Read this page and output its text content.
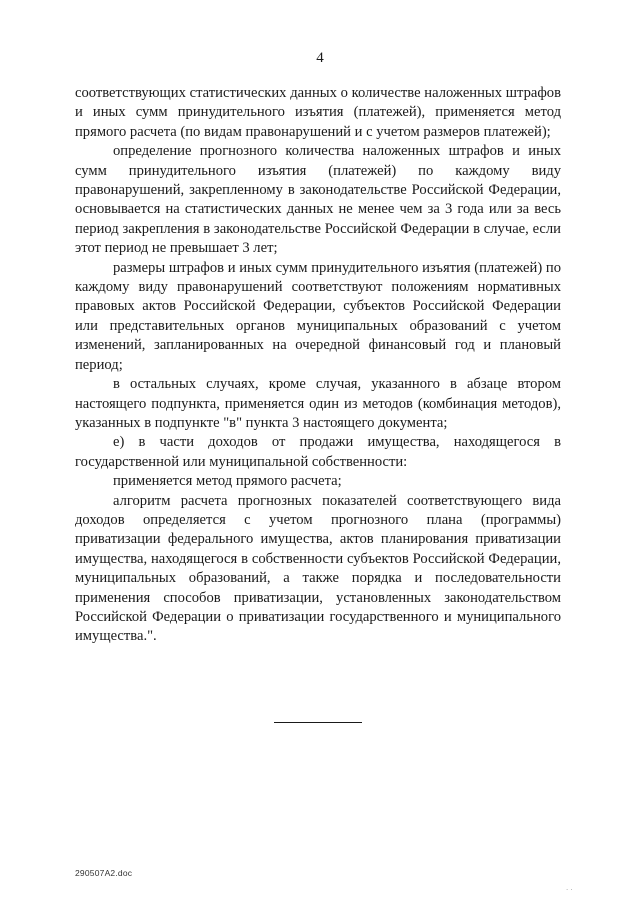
4

соответствующих статистических данных о количестве наложенных штрафов и иных сумм принудительного изъятия (платежей), применяется метод прямого расчета (по видам правонарушений и с учетом размеров платежей);

определение прогнозного количества наложенных штрафов и иных сумм принудительного изъятия (платежей) по каждому виду правонарушений, закрепленному в законодательстве Российской Федерации, основывается на статистических данных не менее чем за 3 года или за весь период закрепления в законодательстве Российской Федерации в случае, если этот период не превышает 3 лет;

размеры штрафов и иных сумм принудительного изъятия (платежей) по каждому виду правонарушений соответствуют положениям нормативных правовых актов Российской Федерации, субъектов Российской Федерации или представительных органов муниципальных образований с учетом изменений, запланированных на очередной финансовый год и плановый период;

в остальных случаях, кроме случая, указанного в абзаце втором настоящего подпункта, применяется один из методов (комбинация методов), указанных в подпункте "в" пункта 3 настоящего документа;

е) в части доходов от продажи имущества, находящегося в государственной или муниципальной собственности:

применяется метод прямого расчета;

алгоритм расчета прогнозных показателей соответствующего вида доходов определяется с учетом прогнозного плана (программы) приватизации федерального имущества, актов планирования приватизации имущества, находящегося в собственности субъектов Российской Федерации, муниципальных образований, а также порядка и последовательности применения способов приватизации, установленных законодательством Российской Федерации о приватизации государственного и муниципального имущества.".

290507A2.doc
. .
